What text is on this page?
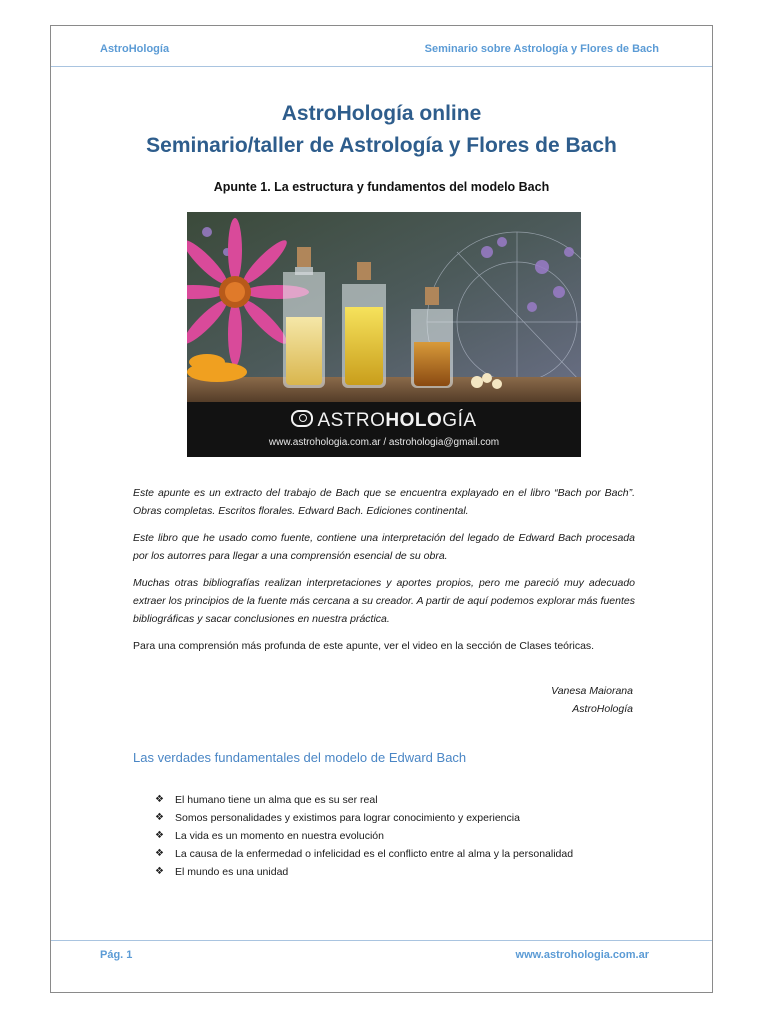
AstroHología	Seminario sobre Astrología y Flores de Bach
AstroHología online
Seminario/taller de Astrología y Flores de Bach
Apunte 1. La estructura y fundamentos del modelo Bach
ASTROHOLOGÍA
www.astrohologia.com.ar / astrohologia@gmail.com
Este apunte es un extracto del trabajo de Bach que se encuentra explayado en el libro “Bach por Bach”. Obras completas. Escritos florales. Edward Bach. Ediciones continental.
Este libro que he usado como fuente, contiene una interpretación del legado de Edward Bach procesada por los autorres para llegar a una comprensión esencial de su obra.
Muchas otras bibliografías realizan interpretaciones y aportes propios, pero me pareció muy adecuado extraer los principios de la fuente más cercana a su creador. A partir de aquí podemos explorar más fuentes bibliográficas y sacar conclusiones en nuestra práctica.
Para una comprensión más profunda de este apunte, ver el video en la sección de Clases teóricas.
Vanesa Maiorana
AstroHología
Las verdades fundamentales del modelo de Edward Bach
❖ El humano tiene un alma que es su ser real
❖ Somos personalidades y existimos para lograr conocimiento y experiencia
❖ La vida es un momento en nuestra evolución
❖ La causa de la enfermedad o infelicidad es el conflicto entre al alma y la personalidad
❖ El mundo es una unidad
Pág. 1	www.astrohologia.com.ar
